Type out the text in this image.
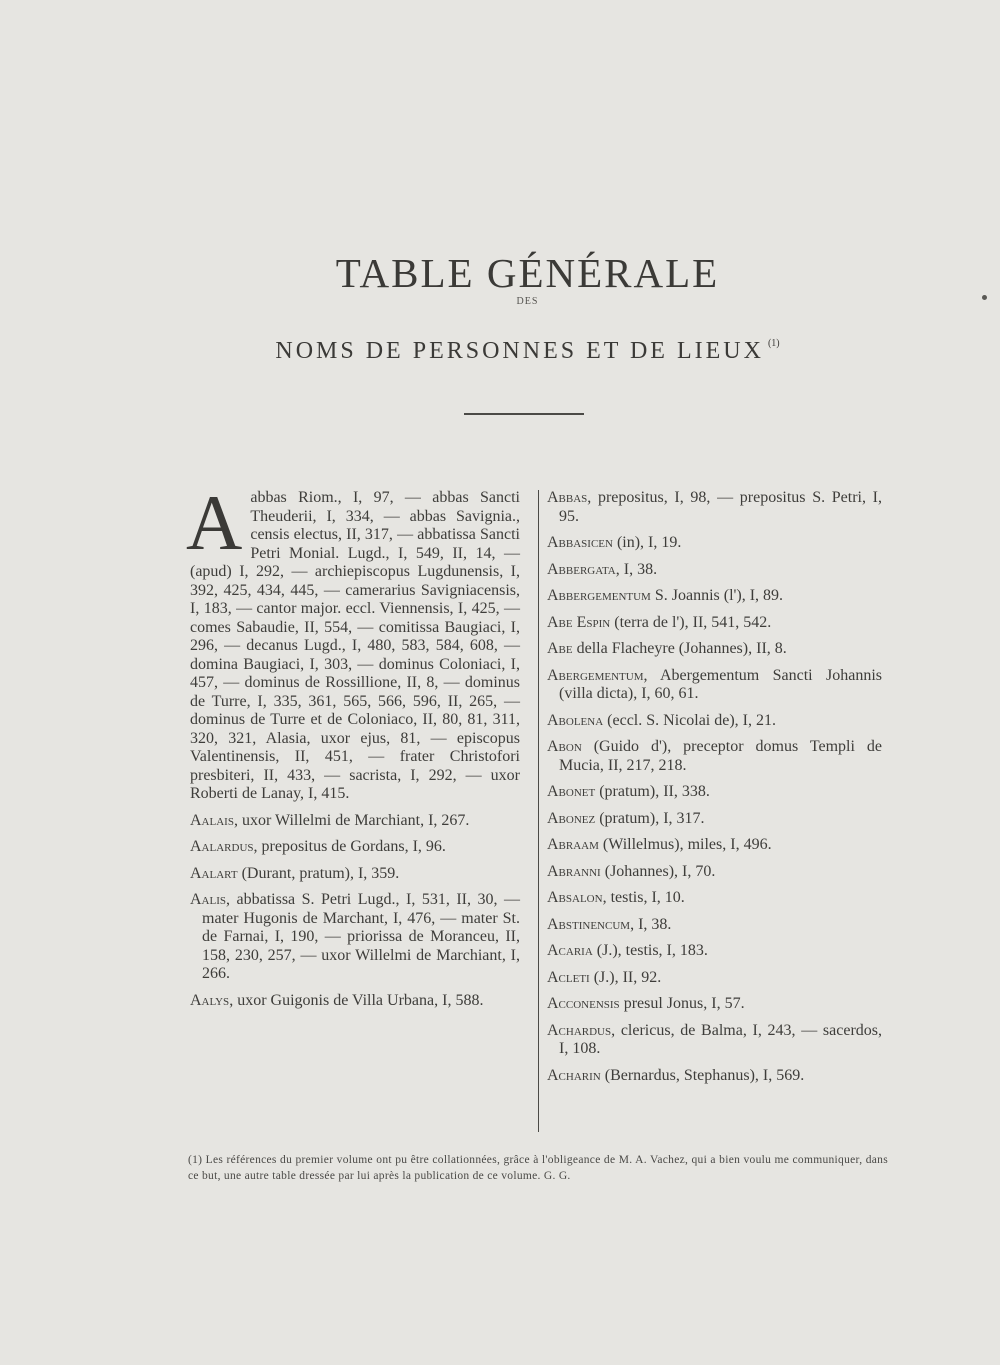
TABLE GÉNÉRALE
DES
NOMS DE PERSONNES ET DE LIEUX $^{(1)}$

Aabbas Riom., I, 97, — abbas Sancti Theuderii, I, 334, — abbas Savignia., censis electus, II, 317, — abbatissa Sancti Petri Monial. Lugd., I, 549, II, 14, — (apud) I, 292, — archiepiscopus Lugdunensis, I, 392, 425, 434, 445, — camerarius Savigniacensis, I, 183, — cantor major. eccl. Viennensis, I, 425, — comes Sabaudie, II, 554, — comitissa Baugiaci, I, 296, — decanus Lugd., I, 480, 583, 584, 608, — domina Baugiaci, I, 303, — dominus Coloniaci, I, 457, — dominus de Rossillione, II, 8, — dominus de Turre, I, 335, 361, 565, 566, 596, II, 265, — dominus de Turre et de Coloniaco, II, 80, 81, 311, 320, 321, Alasia, uxor ejus, 81, — episcopus Valentinensis, II, 451, — frater Christofori presbiteri, II, 433, — sacrista, I, 292, — uxor Roberti de Lanay, I, 415.

Aalais, uxor Willelmi de Marchiant, I, 267.

Aalardus, prepositus de Gordans, I, 96.

Aalart (Durant, pratum), I, 359.

Aalis, abbatissa S. Petri Lugd., I, 531, II, 30, — mater Hugonis de Marchant, I, 476, — mater St. de Farnai, I, 190, — priorissa de Moranceu, II, 158, 230, 257, — uxor Willelmi de Marchiant, I, 266.

Aalys, uxor Guigonis de Villa Urbana, I, 588.

Abbas, prepositus, I, 98, — prepositus S. Petri, I, 95.

Abbasicen (in), I, 19.

Abbergata, I, 38.

Abbergementum S. Joannis (l'), I, 89.

Abe Espin (terra de l'), II, 541, 542.

Abe della Flacheyre (Johannes), II, 8.

Abergementum, Abergementum Sancti Johannis (villa dicta), I, 60, 61.

Abolena (eccl. S. Nicolai de), I, 21.

Abon (Guido d'), preceptor domus Templi de Mucia, II, 217, 218.

Abonet (pratum), II, 338.

Abonez (pratum), I, 317.

Abraam (Willelmus), miles, I, 496.

Abranni (Johannes), I, 70.

Absalon, testis, I, 10.

Abstinencum, I, 38.

Acaria (J.), testis, I, 183.

Acleti (J.), II, 92.

Acconensis presul Jonus, I, 57.

Achardus, clericus, de Balma, I, 243, — sacerdos, I, 108.

Acharin (Bernardus, Stephanus), I, 569.

(1) Les références du premier volume ont pu être collationnées, grâce à l'obligeance de M. A. Vachez, qui a bien voulu me communiquer, dans ce but, une autre table dressée par lui après la publication de ce volume. G. G.
